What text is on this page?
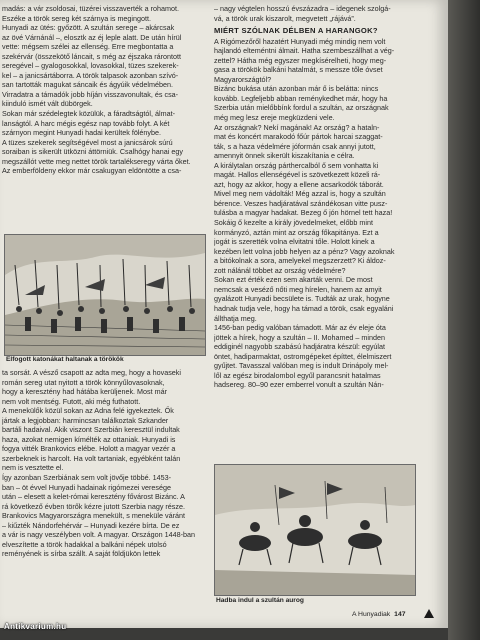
madás: a vár zsoldosai, tüzérei visszaverték a rohamot.
Eszéke a török sereg két szárnya is megingott.
Hunyadi az ütés: győzött. A szultán serege – akárcsak
az övé Várnánál –, elosztk az éj leple alatt. De után hírül
vette: mégsem szélei az ellenség. Erre megbontatta a
szekérvár (összekötő láncait, s még az éjszaka rárontott
seregével – gyalogosokkal, lovasokkal, tüzes szekerek-
kel – a janicsártáborra. A török talpasok azonban szívó-
san tartották magukat sáncaik és ágyúik védelmében.
Virradatra a támadók jobb híján visszavonultak, és csa-
kiinduló ismét vált dübörgek.
Sokan már szédelegtek közülük, a fáradtságtól, álmat-
lanságtól. A harc mégis egész nap tovább folyt. A két
szárnyon megint Hunyadi hadai kerültek fölénybe.
A tüzes szekerek segítségével most a janicsárok súrú
soraiban is sikerült ütközni áttörniük. Csalhógy hanai egy
megszállót vette meg nettet török tartalékseregy várta őket.
Az emberföldeny ekkor már csakugyan eldöntötte a csa-
Elfogott katonákat haltanak a törökök
ta sorsát. A vésző csapott az adta meg, hogy a hovaseki
román sereg utat nyitott a török könnyűlovasoknak,
hogy a keresztény had hátába kerüljenek. Most már
nem volt mentség. Futott, aki még futhatott.
A menekülők közül sokan az Adna felé igyekeztek. Ők
jártak a legjobban: harmincsan találkoztak Szkander
bartáli hadaival. Akik viszont Szerbián keresztül indultak
haza, azokat nemigen kímélték az ottaniak. Hunyadi is
fogya vitték Brankovics elébe. Holott a magyar vezér a
szerbeknek is harcolt. Ha volt tartaniak, egyébként talán
nem is vesztette el.
Így azonban Szerbiának sem volt jövője többé. 1453-
ban – öt évvel Hunyadi hadainak rigómezei veresége
után – elesett a kelet-római keresztény fővárost Bizánc. A
rá következő évben törők kézre jutott Szerbia nagy része.
Brankovics Magyarországra menekült, s meneküle váránt
– kiűzték Nándorfehérvár – Hunyadi kezére bírta. De ez
a vár is nagy veszélyben volt. A magyar. Országon 1448-ban
elveszítette a török hadakkal a balkáni népek utolsó
reményének is sírba szállt. A saját földjükön lettek
– nagy végtelen hosszú évszázadra – idegenek szolgá-
vá, a török urak kiszarolt, megvetett „rájává”.
MIÉRT SZÓLNAK DÉLBEN A HARANGOK?
A Rigómezőről hazatért Hunyadi még mindig nem volt
hajlandó elteméntni álmait. Hatha szembeszállhat a vég-
zettel? Hátha még egyszer megkísérelheti, hogy meg-
gasa a törökök balkáni hatalmát, s messze tőle óvset
Magyarországtól?
Bizánc bukása után azonban már ő is belátta: nincs
kovább. Legfeljebb abban reménykedhet már, hogy ha
Szerbia után mielőbbínk fordul a szultán, az országnak
még meg lesz ereje megküzdeni vele.
Az országnak? Nekí magának! Az ország? a hataln-
mat és koncért marakodó főúr pártok harcai szaggat-
ták, s a haza védelmére jóformán csak annyi jutott,
amennyit önnek sikerült kiszakítania e célra.
A királytalan ország párthercalból ő sem vonhatta ki
magát. Hallos ellenségével is szövetkezett közeli rá-
azt, hogy az akkor, hogy a ellene acsarkodók táborát.
Mivel meg nem vádolták! Még azzal is, hogy a szultán
bérence. Veszes hadjáratával szándékosan vitte pusz-
tulásba a magyar hadakat. Bezeg ő jón hörnel tett haza!
Sokáig ő kezelte a király jövedelmeket, előbb mint
kormányzó, aztán mint az ország főkapitánya. Ezt a
jogát is szerették volna elvitatni tőle. Holott kinek a
kezében lett volna jobb helyen az a pénz? Vagy azoknak
a bitókolnak a sora, amelyekel megszerzett? Ki áldoz-
zott nálánál többet az ország védelmére?
Sokan ezt érték ezen sem akarták venni. De most
nemcsak a veséző nőti meg hírelen, hanem az amyit
gyalázott Hunyadi becsülete is. Tudták az urak, hogyne
hadnak tudja vele, hogy ha támad a török, csak egyaláni
állthatja meg.
1456-ban pedig valóban támadott. Már az év eleje óta
jöttek a hírek, hogy a szultán – II. Mohamed – minden
eddiginél nagyobb szabású hadjáratra készül: egyúlat
öntet, hadiparmaktat, ostromgépeket építtet, élelmiszert
gyűjtet. Tavasszal valóban meg is indult Drinápoly mel-
lől az egész birodalombol egyűl parancsnit hatalmas
hadsereg. 80–90 ezer emberrel vonult a szultán Nán-
Hadba indul a szultán aurog
A Hunyadiak 147
Antikvarium.hu
